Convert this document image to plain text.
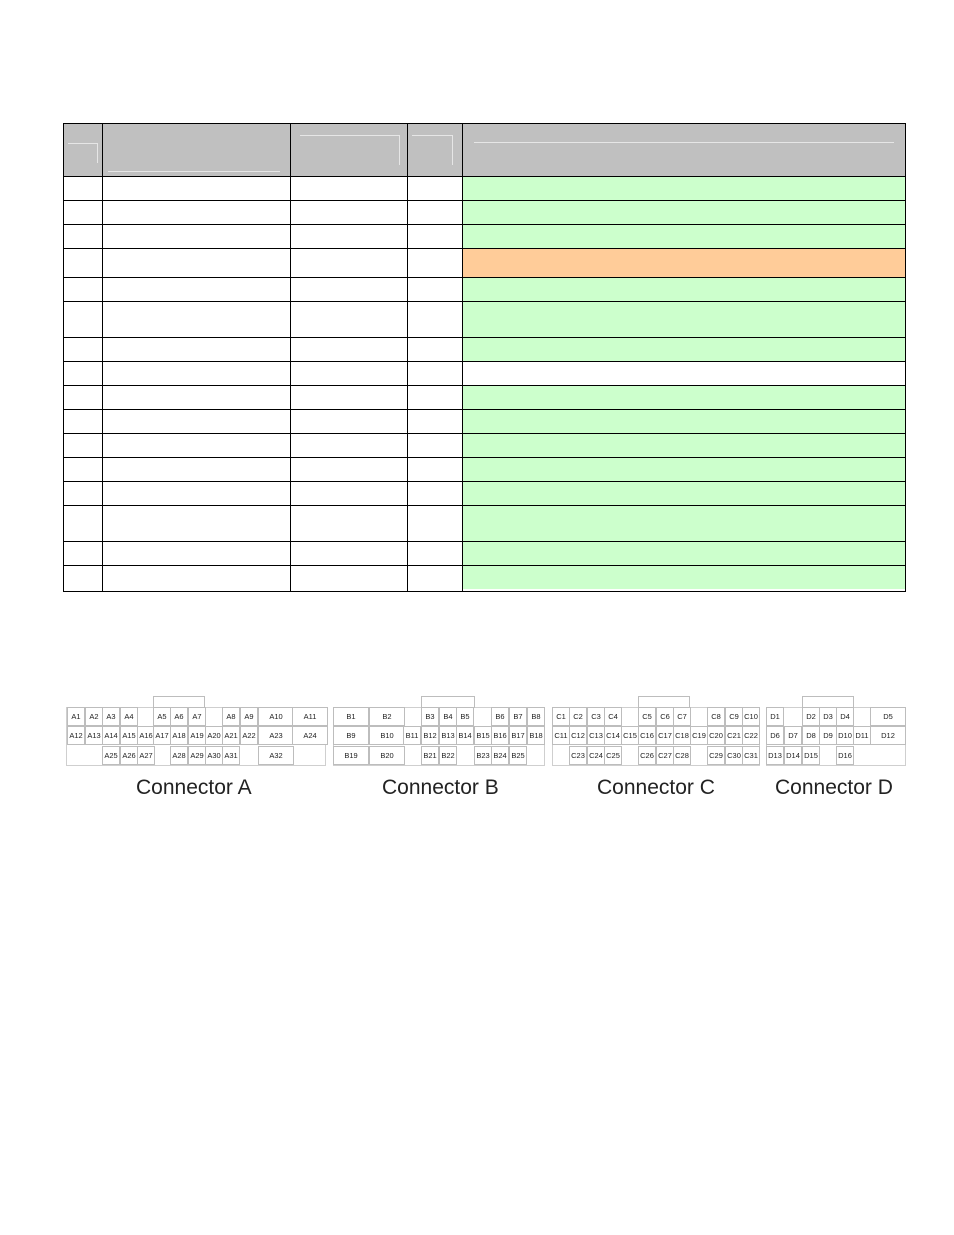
A1	A2	A3	A4	A5	A6	A7	A8	A9	A10	A11
A12 A13 A14 A15 A16 A17 A18 A19 A20 A21 A22	A23	A24
A25 A26 A27	A28 A29 A30 A31	A32
Connector A
B1	B2	B3	B4	B5	B6	B7	B8
B9	B10	B11 B12 B13 B14 B15 B16 B17 B18
B19	B20	B21 B22	B23 B24 B25
Connector B
C1 C2	C3 C4	C5	C6 C7	C8	C9 C10
C11 C12 C13 C14 C15 C16 C17 C18 C19 C20 C21 C22
C23 C24 C25	C26 C27 C28	C29 C30 C31
Connector C
D1	D2 D3 D4	D5
D6	D7	D8 D9 D10 D11	D12
D13 D14 D15	D16
Connector D
